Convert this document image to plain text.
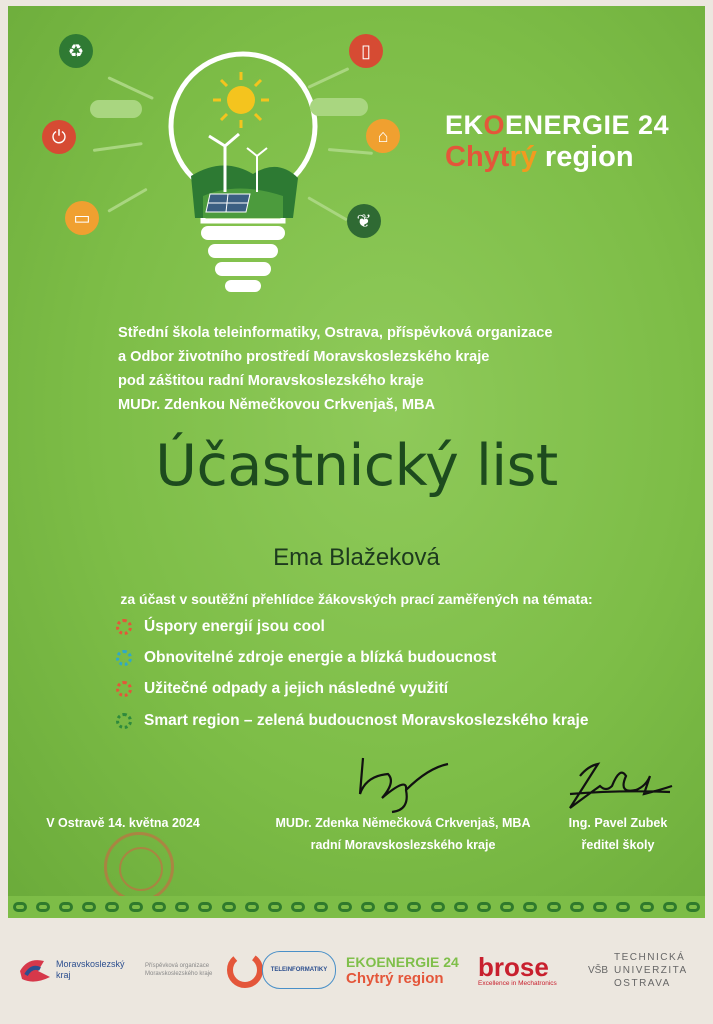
♻
⏻
▭
▯
⌂
❦
EKOENERGIE 24
Chytrý region
Střední škola teleinformatiky, Ostrava, příspěvková organizace
a Odbor životního prostředí Moravskoslezského kraje
pod záštitou radní Moravskoslezského kraje
MUDr. Zdenkou Němečkovou Crkvenjaš, MBA
Účastnický list
Ema Blažeková
za účast v soutěžní přehlídce žákovských prací zaměřených na témata:
Úspory energií jsou cool
Obnovitelné zdroje energie a blízká budoucnost
Užitečné odpady a jejich následné využití
Smart region – zelená budoucnost Moravskoslezského kraje
V Ostravě 14. května 2024	MUDr. Zdenka Němečková Crkvenjaš, MBA
radní Moravskoslezského kraje
Ing. Pavel Zubek
ředitel školy
Moravskoslezský kraj
Příspěvková organizace Moravskoslezského kraje
TELEINFORMATIKY
EKOENERGIE 24
Chytrý region brose
Excellence in Mechatronics
VŠB
TECHNICKÁ
UNIVERZITA
OSTRAVA
